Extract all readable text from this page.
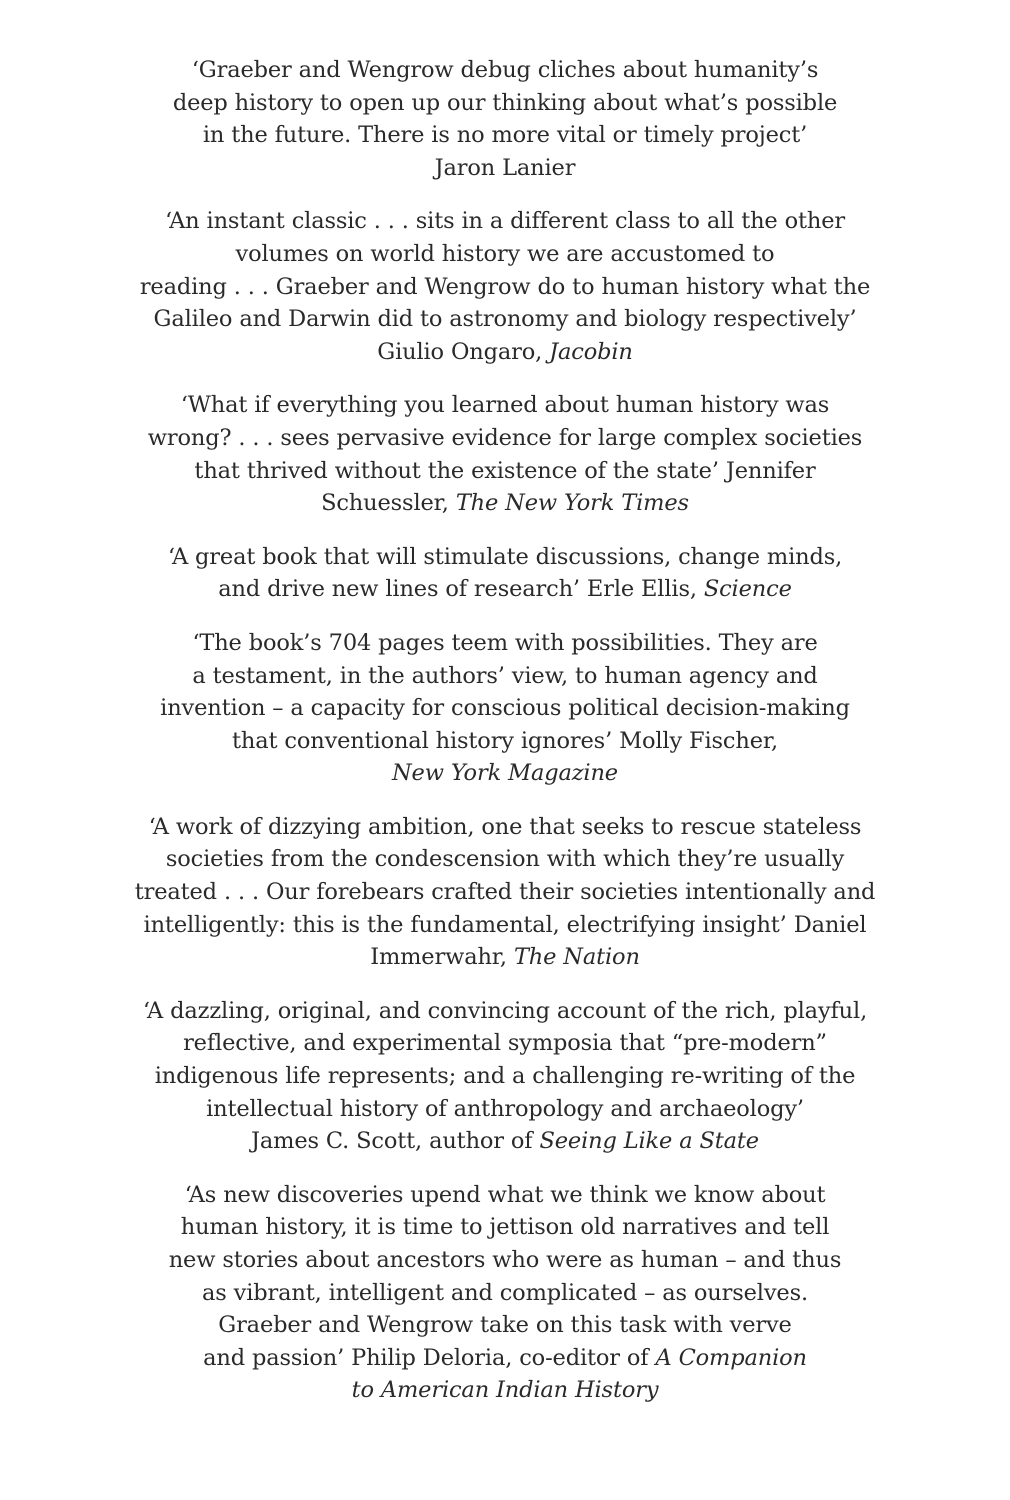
‘Graeber and Wengrow debug cliches about humanity’s
deep history to open up our thinking about what’s possible
in the future. There is no more vital or timely project’
Jaron Lanier
‘An instant classic . . . sits in a different class to all the other
volumes on world history we are accustomed to
reading . . . Graeber and Wengrow do to human history what the
Galileo and Darwin did to astronomy and biology respectively’
Giulio Ongaro, Jacobin
‘What if everything you learned about human history was
wrong? . . . sees pervasive evidence for large complex societies
that thrived without the existence of the state’ Jennifer
Schuessler, The New York Times
‘A great book that will stimulate discussions, change minds,
and drive new lines of research’ Erle Ellis, Science
‘The book’s 704 pages teem with possibilities. They are
a testament, in the authors’ view, to human agency and
invention – a capacity for conscious political decision-making
that conventional history ignores’ Molly Fischer,
New York Magazine
‘A work of dizzying ambition, one that seeks to rescue stateless
societies from the condescension with which they’re usually
treated . . . Our forebears crafted their societies intentionally and
intelligently: this is the fundamental, electrifying insight’ Daniel
Immerwahr, The Nation
‘A dazzling, original, and convincing account of the rich, playful,
reflective, and experimental symposia that “pre-modern”
indigenous life represents; and a challenging re-writing of the
intellectual history of anthropology and archaeology’
James C. Scott, author of Seeing Like a State
‘As new discoveries upend what we think we know about
human history, it is time to jettison old narratives and tell
new stories about ancestors who were as human – and thus
as vibrant, intelligent and complicated – as ourselves.
Graeber and Wengrow take on this task with verve
and passion’ Philip Deloria, co-editor of A Companion
to American Indian History
